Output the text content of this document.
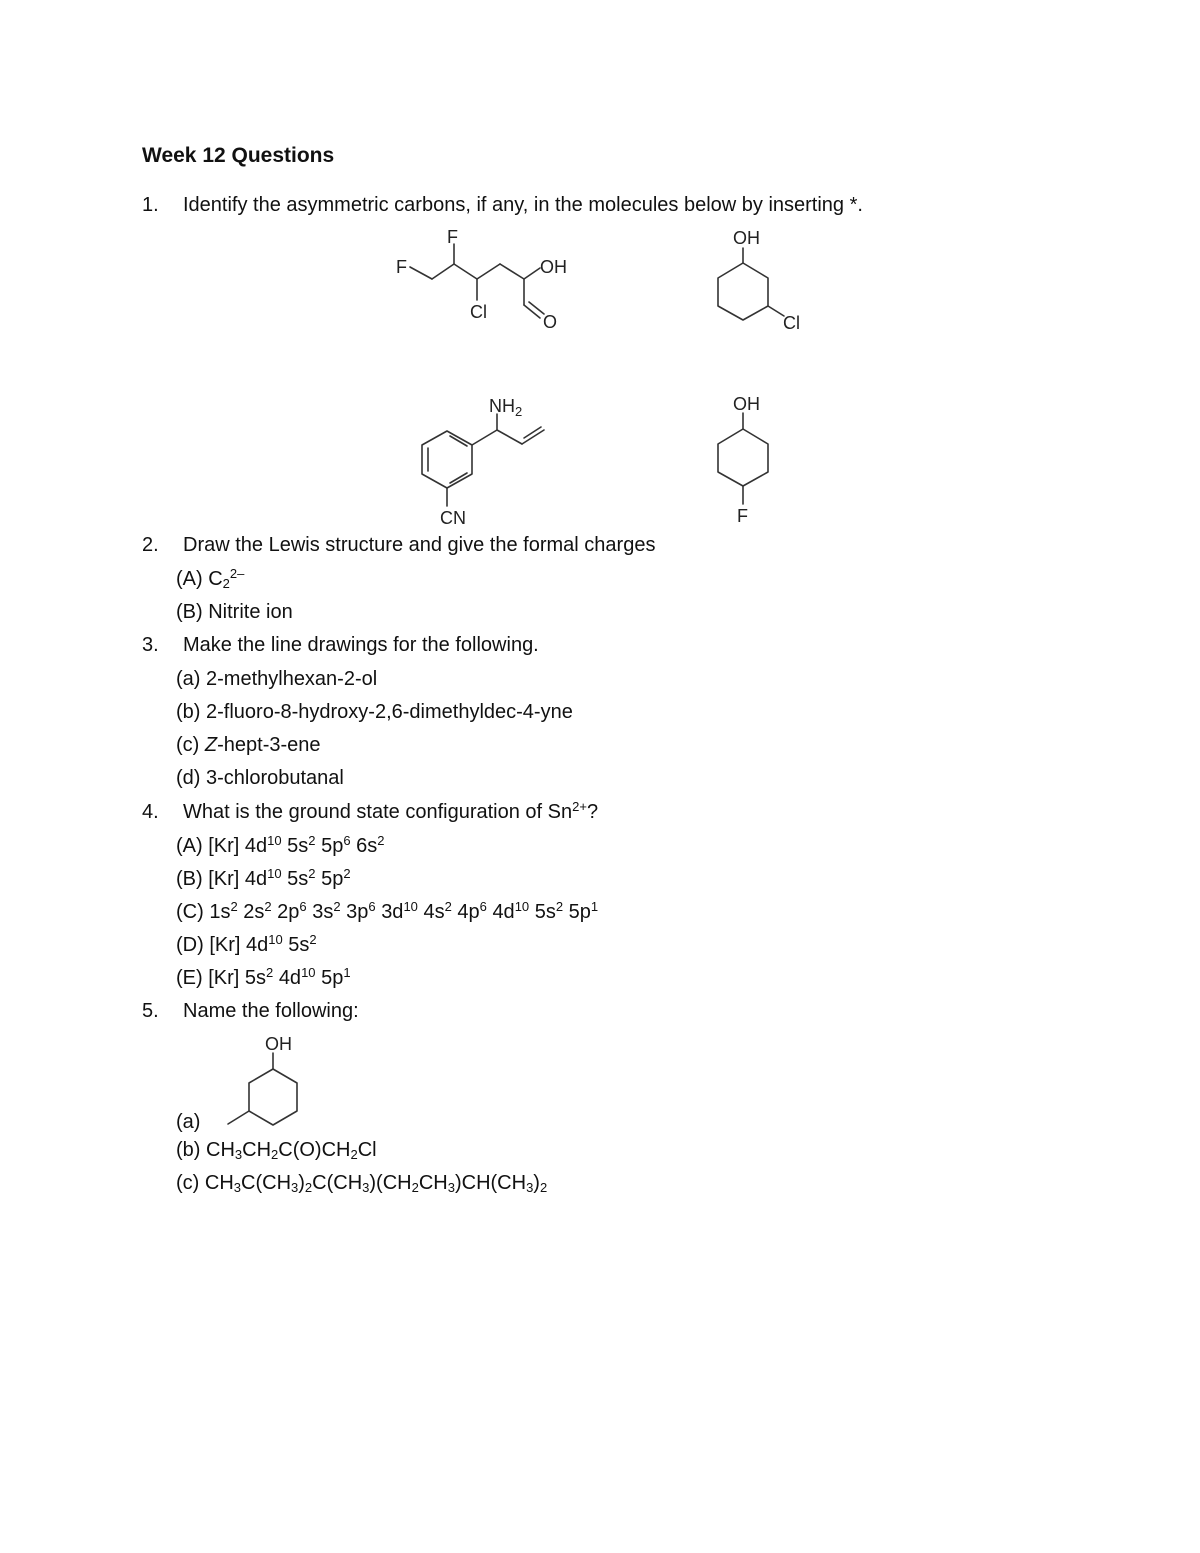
Week 12 Questions
1. Identify the asymmetric carbons, if any, in the molecules below by inserting *.
F
F	OH
Cl	O
OH
Cl
$NH_2$
CN
OH
F
OH
2. Draw the Lewis structure and give the formal charges
(A) $C_2^{2-}$
(B) Nitrite ion
3. Make the line drawings for the following.
(a) 2-methylhexan-2-ol
(b) 2-fluoro-8-hydroxy-2,6-dimethyldec-4-yne
(c) Z-hept-3-ene
(d) 3-chlorobutanal
4. What is the ground state configuration of $Sn^{2+}$?
(A) [Kr] $4d^{10}$ $5s^2$ $5p^6$ $6s^2$
(B) [Kr] $4d^{10}$ $5s^2$ $5p^2$
(C) $1s^2$ $2s^2$ $2p^6$ $3s^2$ $3p^6$ $3d^{10}$ $4s^2$ $4p^6$ $4d^{10}$ $5s^2$ $5p^1$
(D) [Kr] $4d^{10}$ $5s^2$
(E) [Kr] $5s^2$ $4d^{10}$ $5p^1$
5. Name the following:
(a)
(b) $CH_3CH_2C(O)CH_2Cl$
(c) $CH_3C(CH_3)_2C(CH_3)(CH_2CH_3)CH(CH_3)_2$
